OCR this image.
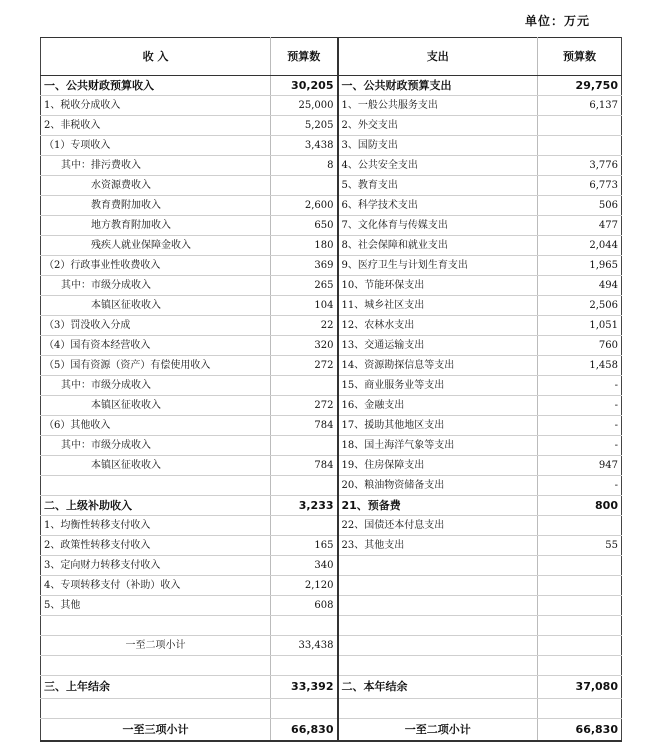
单位：万元
收 入	预算数	支出	预算数
一、公共财政预算收入	30,205	一、公共财政预算支出	29,750
1、税收分成收入	25,000	1、一般公共服务支出	6,137
2、非税收入	5,205	2、外交支出	
（1）专项收入	3,438	3、国防支出	
其中：排污费收入	8	4、公共安全支出	3,776
水资源费收入		5、教育支出	6,773
教育费附加收入	2,600	6、科学技术支出	506
地方教育附加收入	650	7、文化体育与传媒支出	477
残疾人就业保障金收入	180	8、社会保障和就业支出	2,044
（2）行政事业性收费收入	369	9、医疗卫生与计划生育支出	1,965
其中：市级分成收入	265	10、节能环保支出	494
本镇区征收收入	104	11、城乡社区支出	2,506
（3）罚没收入分成	22	12、农林水支出	1,051
（4）国有资本经营收入	320	13、交通运输支出	760
（5）国有资源（资产）有偿使用收入	272	14、资源勘探信息等支出	1,458
其中：市级分成收入		15、商业服务业等支出	-
本镇区征收收入	272	16、金融支出	-
（6）其他收入	784	17、援助其他地区支出	-
其中：市级分成收入		18、国土海洋气象等支出	-
本镇区征收收入	784	19、住房保障支出	947
		20、粮油物资储备支出	-
二、上级补助收入	3,233	21、预备费	800
1、均衡性转移支付收入		22、国债还本付息支出	
2、政策性转移支付收入	165	23、其他支出	55
3、定向财力转移支付收入	340		
4、专项转移支付（补助）收入	2,120		
5、其他	608		

一至二项小计	33,438		

三、上年结余	33,392	二、本年结余	37,080

一至三项小计	66,830	一至二项小计	66,830
